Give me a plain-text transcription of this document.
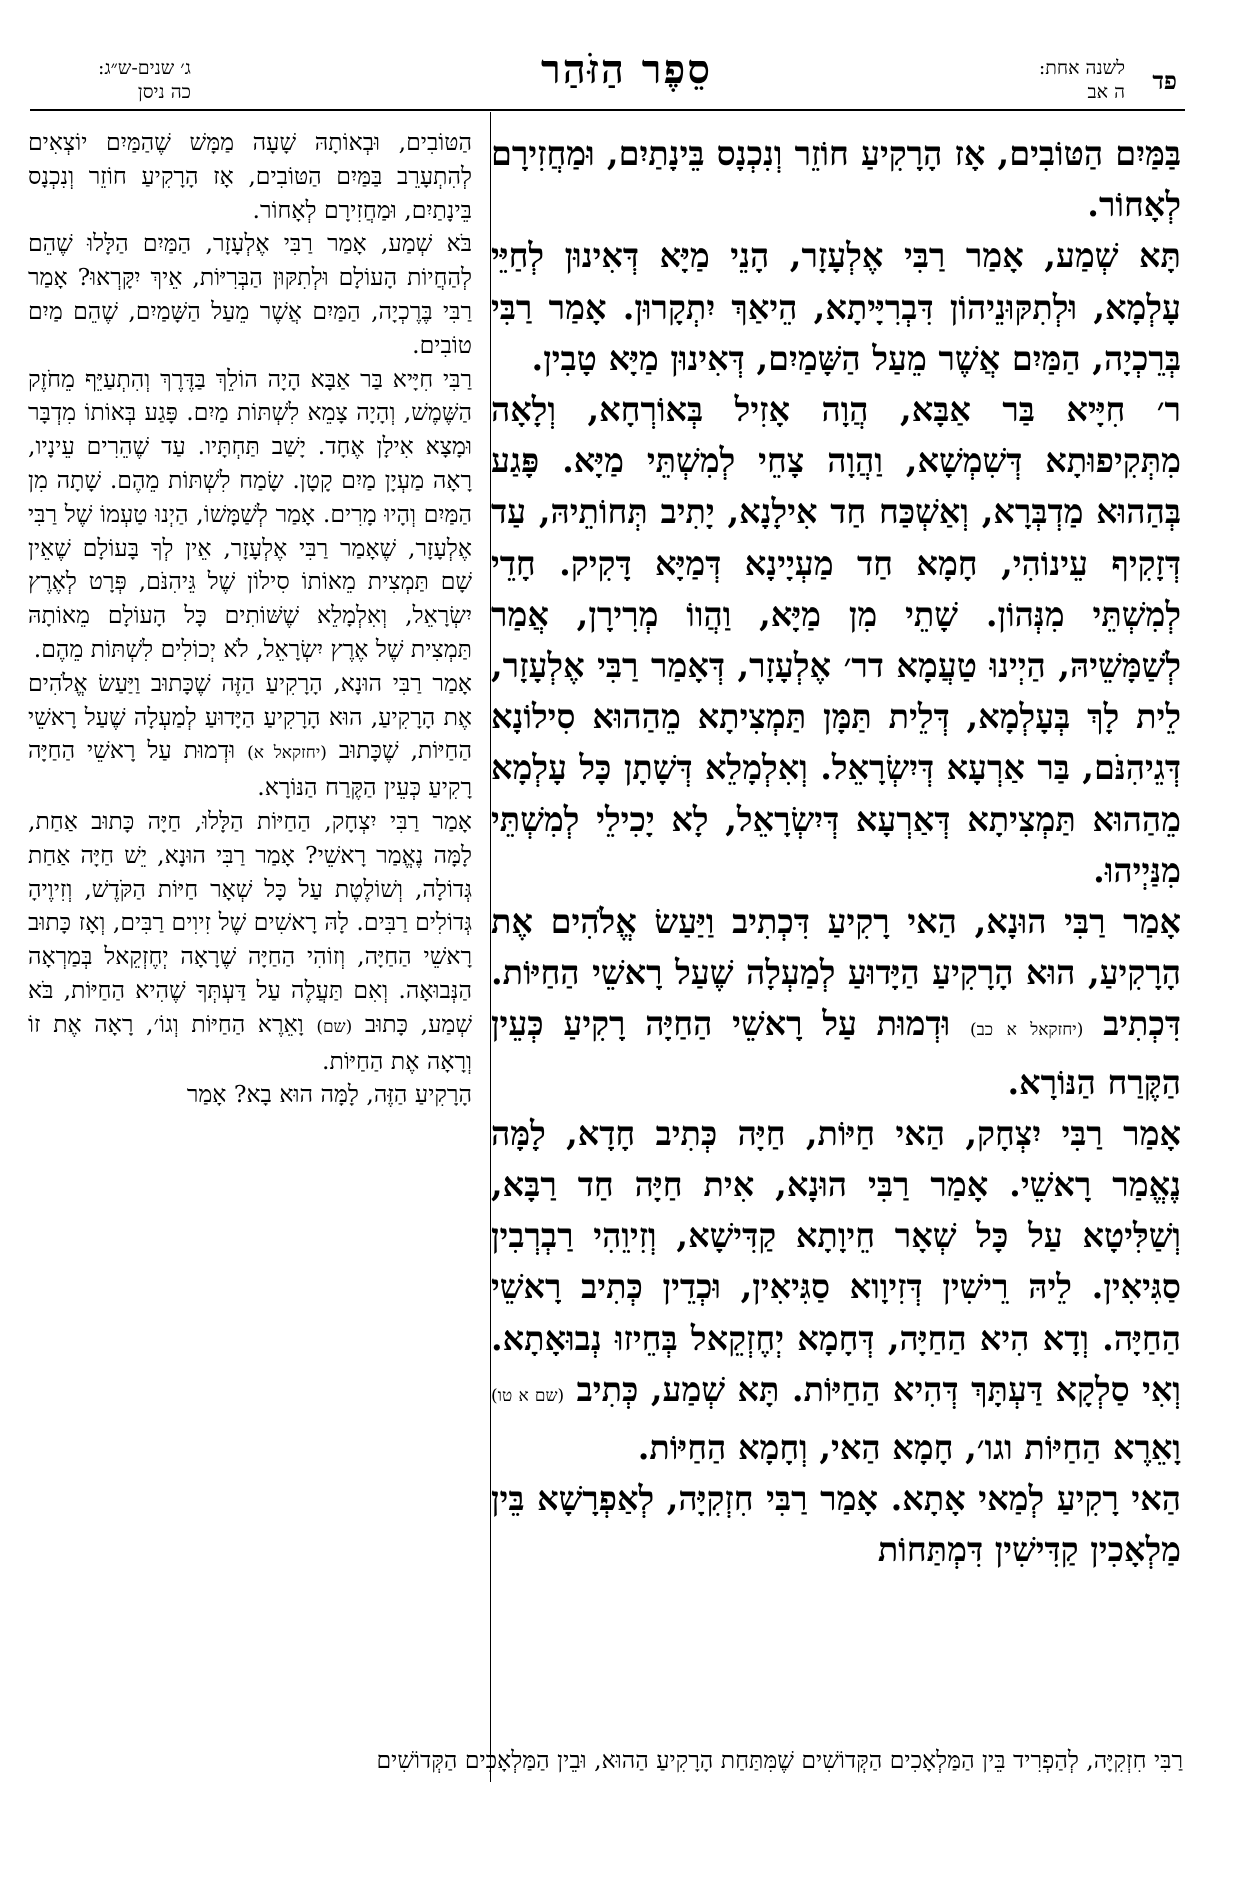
פד
לשנה אחת:
ה אב
סֵפֶר הַזֹּהַר
ג׳ שנים-ש״ג:
כה ניסן

בַּמַּיִם הַטּוֹבִים, אָז הָרָקִיעַ חוֹזֵר וְנִכְנָס בֵּינָתַיִם, וּמַחֲזִירָם לְאָחוֹר.

תָּא שְׁמַע, אָמַר רַבִּי אֶלְעָזָר, הָנֵי מַיָּא דְּאִינוּן לְחַיֵּי עָלְמָא, וּלְתִקּוּנֵיהוֹן דִּבְרִיָּיתָא, הֵיאַךְ יִתְקָרוּן. אָמַר רַבִּי בְּרֵכְיָה, הַמַּיִם אֲשֶׁר מֵעַל הַשָּׁמַיִם, דְּאִינוּן מַיָּא טָבִין.

ר׳ חִיָּיא בַּר אַבָּא, הֲוָה אָזִיל בְּאוֹרְחָא, וְלָאָה מִתְּקִיפוּתָא דְּשִׁמְשָׁא, וַהֲוָה צָחֵי לְמִשְׁתֵּי מַיָּא. פָּגַע בְּהַהוּא מַדְבְּרָא, וְאַשְׁכַּח חַד אִילָנָא, יָתִיב תְּחוֹתֵיהּ, עַד דְּזָקִיף עֵינוֹהִי, חָמָא חַד מַעְיָינָא דְּמַיָּא דָּקִיק. חָדֵי לְמִשְׁתֵּי מִנְּהוֹן. שָׁתֵי מִן מַיָּא, וַהֲווֹ מְרִירָן, אֲמַר לְשַׁמָּשֵׁיהּ, הַיְינוּ טַעֲמָא דר׳ אֶלְעָזָר, דְּאָמַר רַבִּי אֶלְעָזָר, לֵית לָךְ בְּעָלְמָא, דְּלֵית תַּמָּן תַּמְצִיתָא מֵהַהוּא סִילוֹנָא דְּגֵיהִנֹּם, בַּר אַרְעָא דְּיִשְׂרָאֵל. וְאִלְמָלֵא דְּשָׁתָן כָּל עָלְמָא מֵהַהוּא תַּמְצִיתָא דְּאַרְעָא דְּיִשְׂרָאֵל, לָא יָכִילֵי לְמִשְׁתֵּי מִנַּיְיהוּ.

אָמַר רַבִּי הוּנָא, הַאי רָקִיעַ דִּכְתִיב וַיַּעַשׂ אֱלֹהִים אֶת הָרָקִיעַ, הוּא הָרָקִיעַ הַיָּדוּעַ לְמַעְלָה שֶׁעַל רָאשֵׁי הַחַיּוֹת. דִּכְתִיב (יחזקאל א כב) וּדְמוּת עַל רָאשֵׁי הַחַיָּה רָקִיעַ כְּעֵין הַקֶּרַח הַנּוֹרָא.

אָמַר רַבִּי יִצְחָק, הַאי חַיּוֹת, חַיָּה כְּתִיב חָדָא, לָמָּה נֶאֱמַר רָאשֵׁי. אָמַר רַבִּי הוּנָא, אִית חַיָּה חַד רַבָּא, וְשַׁלִּיטָא עַל כָּל שְׁאָר חֵיוָתָא קַדִּישָׁא, וְזִיוֵהִי רַבְרְבִין סַגִּיאִין. לֵיהּ רֵישִׁין דְּזִיוָוא סַגִּיאִין, וּכְדֵין כְּתִיב רָאשֵׁי הַחַיָּה. וְדָא הִיא הַחַיָּה, דְּחָמָא יְחֶזְקֵאל בְּחֵיזוּ נְבוּאָתָא. וְאִי סַלְקָא דַּעְתָּךְ דְּהִיא הַחַיּוֹת. תָּא שְׁמַע, כְּתִיב (שם א טו) וָאֵרֶא הַחַיּוֹת וגו׳, חָמָא הַאי, וְחָמָא הַחַיּוֹת.

הַאי רָקִיעַ לְמַאי אָתָא. אָמַר רַבִּי חִזְקִיָּה, לְאַפְרָשָׁא בֵּין מַלְאָכִין קַדִּישִׁין דִּמְתַּחוֹת

הַטּוֹבִים, וּבְאוֹתָהּ שָׁעָה מַמָּשׁ שֶׁהַמַּיִם יוֹצְאִים לְהִתְעָרֵב בַּמַּיִם הַטּוֹבִים, אָז הָרָקִיעַ חוֹזֵר וְנִכְנָס בֵּינָתַיִם, וּמַחֲזִירָם לְאָחוֹר.

בֹּא שְׁמַע, אָמַר רַבִּי אֶלְעָזָר, הַמַּיִם הַלָּלוּ שֶׁהֵם לְהַחֲיוֹת הָעוֹלָם וּלְתִקּוּן הַבְּרִיּוֹת, אֵיךְ יִקָּרְאוּ? אָמַר רַבִּי בֶּרֶכְיָה, הַמַּיִם אֲשֶׁר מֵעַל הַשָּׁמַיִם, שֶׁהֵם מַיִם טוֹבִים.

רַבִּי חִיָּיא בַּר אַבָּא הָיָה הוֹלֵךְ בַּדֶּרֶךְ וְהִתְעַיֵּף מֵחֹזֶק הַשֶּׁמֶשׁ, וְהָיָה צָמֵא לִשְׁתּוֹת מַיִם. פָּגַע בְּאוֹתוֹ מִדְבָּר וּמָצָא אִילָן אֶחָד. יָשַׁב תַּחְתָּיו. עַד שֶׁהֵרִים עֵינָיו, רָאָה מַעְיָן מַיִם קָטָן. שָׂמַח לִשְׁתּוֹת מֵהֶם. שָׁתָה מִן הַמַּיִם וְהָיוּ מָרִים. אָמַר לְשַׁמָּשׁוֹ, הַיְנוּ טַעְמוֹ שֶׁל רַבִּי אֶלְעָזָר, שֶׁאָמַר רַבִּי אֶלְעָזָר, אֵין לְךָ בָּעוֹלָם שֶׁאֵין שָׁם תַּמְצִית מֵאוֹתוֹ סִילוֹן שֶׁל גֵּיהִנֹּם, פְּרָט לְאֶרֶץ יִשְׂרָאֵל, וְאִלְמָלֵא שֶׁשּׁוֹתִים כָּל הָעוֹלָם מֵאוֹתָהּ תַּמְצִית שֶׁל אֶרֶץ יִשְׂרָאֵל, לֹא יְכוֹלִים לִשְׁתּוֹת מֵהֶם.

אָמַר רַבִּי הוּנָא, הָרָקִיעַ הַזֶּה שֶׁכָּתוּב וַיַּעַשׂ אֱלֹהִים אֶת הָרָקִיעַ, הוּא הָרָקִיעַ הַיָּדוּעַ לְמַעְלָה שֶׁעַל רָאשֵׁי הַחַיּוֹת, שֶׁכָּתוּב (יחזקאל א) וּדְמוּת עַל רָאשֵׁי הַחַיָּה רָקִיעַ כְּעֵין הַקֶּרַח הַנּוֹרָא.

אָמַר רַבִּי יִצְחָק, הַחַיּוֹת הַלָּלוּ, חַיָּה כָּתוּב אַחַת, לָמָּה נֶאֱמַר רָאשֵׁי? אָמַר רַבִּי הוּנָא, יֵשׁ חַיָּה אַחַת גְּדוֹלָה, וְשׁוֹלֶטֶת עַל כָּל שְׁאָר חַיּוֹת הַקֹּדֶשׁ, וְזִיוֶיהָ גְּדוֹלִים רַבִּים. לָהּ רָאשִׁים שֶׁל זִיוִים רַבִּים, וְאָז כָּתוּב רָאשֵׁי הַחַיָּה, וְזוֹהִי הַחַיָּה שֶׁרָאָה יְחֶזְקֵאל בְּמַרְאָה הַנְּבוּאָה. וְאִם תַּעֲלֶה עַל דַּעְתְּךָ שֶׁהִיא הַחַיּוֹת, בֹּא שְׁמַע, כָּתוּב (שם) וָאֵרֶא הַחַיּוֹת וְגוֹ׳, רָאָה אֶת זוֹ וְרָאָה אֶת הַחַיּוֹת.

הָרָקִיעַ הַזֶּה, לָמָּה הוּא בָא? אָמַר

רַבִּי חִזְקִיָּה, לְהַפְרִיד בֵּין הַמַּלְאָכִים הַקְּדוֹשִׁים שֶׁמִּתַּחַת הָרָקִיעַ הַהוּא, וּבֵין הַמַּלְאָכִים הַקְּדוֹשִׁים
